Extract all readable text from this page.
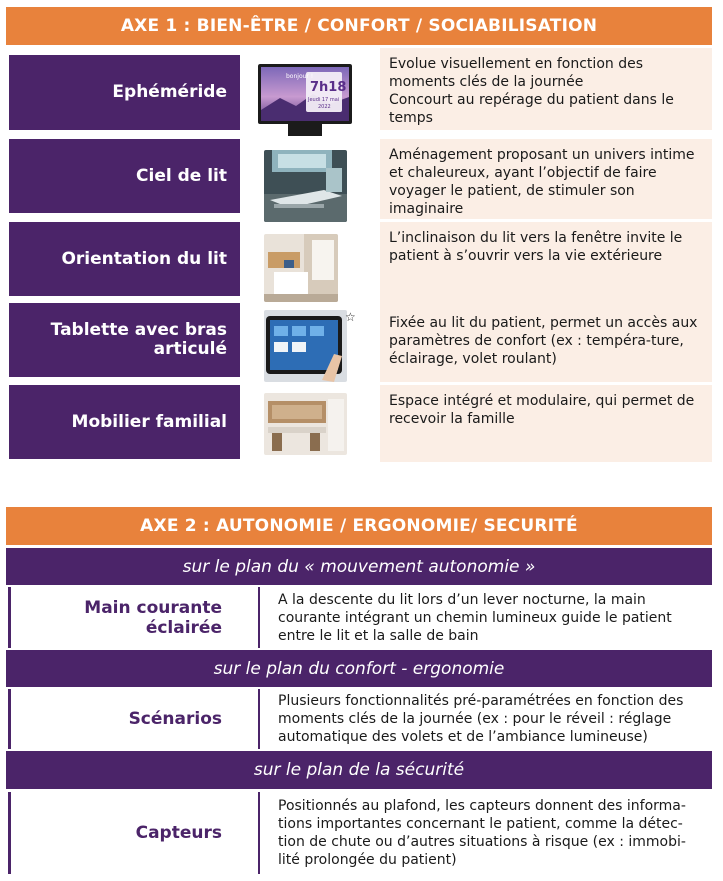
AXE 1 : BIEN-ÊTRE / CONFORT / SOCIABILISATION
Ephéméride
bonjour !
7h18
Jeudi 17 mai
2022
Evolue visuellement en fonction des moments clés de la journée
Concourt au repérage du patient dans le temps
Ciel de lit
Aménagement proposant un univers intime et chaleureux, ayant l’objectif de faire voyager le patient, de stimuler son imaginaire
Orientation du lit
L’inclinaison du lit vers la fenêtre invite le patient à s’ouvrir vers la vie extérieure
Tablette avec bras articulé
☆	Fixée au lit du patient, permet un accès aux paramètres de confort (ex : tempéra-ture, éclairage, volet roulant)
Mobilier familial
Espace intégré et modulaire, qui permet de recevoir la famille
AXE 2 : AUTONOMIE / ERGONOMIE/ SECURITÉ
sur le plan du « mouvement autonomie »
Main courante éclairée
A la descente du lit lors d’un lever nocturne, la main courante intégrant un chemin lumineux guide le patient entre le lit et la salle de bain
sur le plan du confort - ergonomie
Scénarios
Plusieurs fonctionnalités pré-paramétrées en fonction des moments clés de la journée (ex : pour le réveil : réglage automatique des volets et de l’ambiance lumineuse)
sur le plan de la sécurité
Capteurs
Positionnés au plafond, les capteurs donnent des informa-tions importantes concernant le patient, comme la détec-tion de chute ou d’autres situations à risque (ex : immobi-lité prolongée du patient)
